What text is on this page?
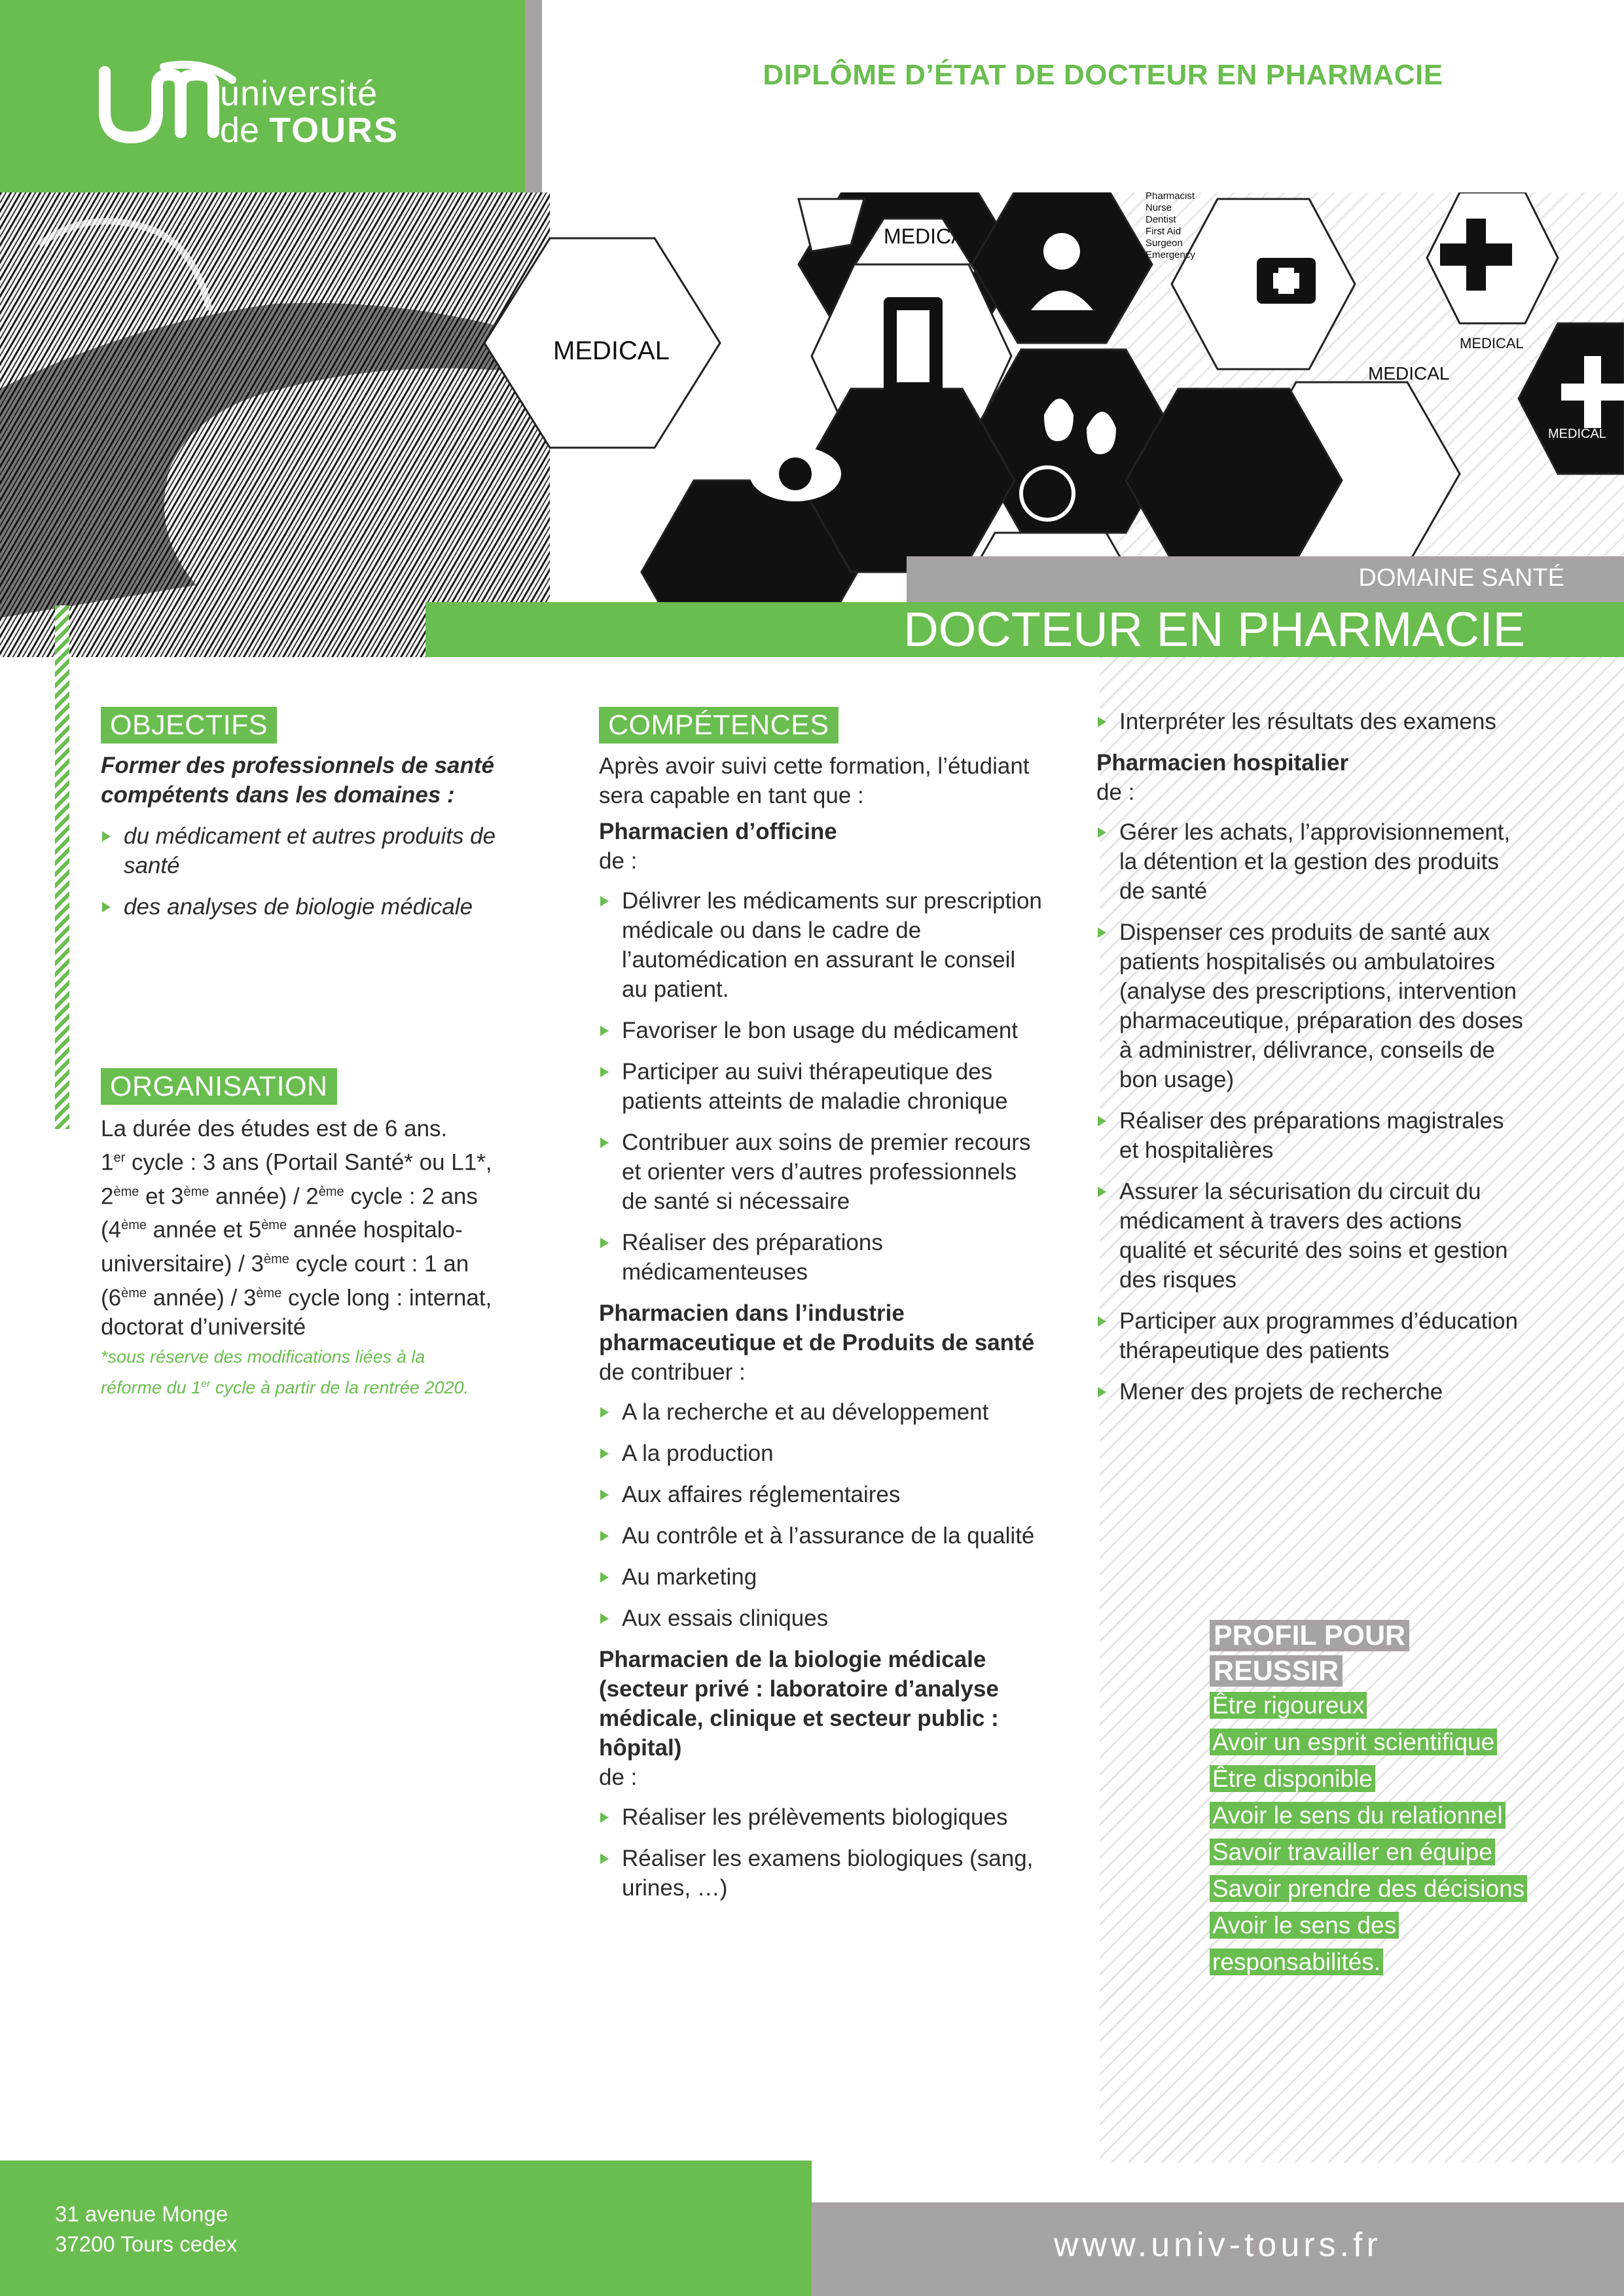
université
de TOURS
DIPLÔME D’ÉTAT DE DOCTEUR EN PHARMACIE
MEDICAL
MEDICAL
MEDICAL
MEDICAL
MEDICAL
Pharmacist
Nurse
Dentist
First Aid
Surgeon
Emergency
DOMAINE SANTÉ
DOCTEUR EN PHARMACIE
OBJECTIFS

Former des professionnels de santé compétents dans les domaines :

du médicament et autres produits de santé
des analyses de biologie médicale
ORGANISATION
La durée des études est de 6 ans.
1er cycle : 3 ans (Portail Santé* ou L1*,
2ème et 3ème année) / 2ème cycle : 2 ans
(4ème année et 5ème année hospitalo-
universitaire) / 3ème cycle court : 1 an
(6ème année) / 3ème cycle long : internat,
doctorat d’université
*sous réserve des modifications liées à la
réforme du 1er cycle à partir de la rentrée 2020.
COMPÉTENCES

Après avoir suivi cette formation, l’étudiant sera capable en tant que :

Pharmacien d’officine

de :

Délivrer les médicaments sur prescription médicale ou dans le cadre de l’automédication en assurant le conseil au patient.
Favoriser le bon usage du médicament
Participer au suivi thérapeutique des patients atteints de maladie chronique
Contribuer aux soins de premier recours et orienter vers d’autres professionnels de santé si nécessaire
Réaliser des préparations médicamenteuses

Pharmacien dans l’industrie pharmaceutique et de Produits de santé

de contribuer :

A la recherche et au développement
A la production
Aux affaires réglementaires
Au contrôle et à l’assurance de la qualité
Au marketing
Aux essais cliniques

Pharmacien de la biologie médicale (secteur privé : laboratoire d’analyse médicale, clinique et secteur public : hôpital)

de :

Réaliser les prélèvements biologiques
Réaliser les examens biologiques (sang, urines, …)
Interpréter les résultats des examens

Pharmacien hospitalier

de :

Gérer les achats, l’approvisionnement, la détention et la gestion des produits de santé
Dispenser ces produits de santé aux patients hospitalisés ou ambulatoires (analyse des prescriptions, intervention pharmaceutique, préparation des doses à administrer, délivrance, conseils de bon usage)
Réaliser des préparations magistrales et hospitalières
Assurer la sécurisation du circuit du médicament à travers des actions qualité et sécurité des soins et gestion des risques
Participer aux programmes d’éducation thérapeutique des patients
Mener des projets de recherche
PROFIL POUR REUSSIR
Être rigoureux
Avoir un esprit scientifique
Être disponible
Avoir le sens du relationnel
Savoir travailler en équipe
Savoir prendre des décisions
Avoir le sens des responsabilités.
31 avenue Monge
37200 Tours cedex	www.univ-tours.fr
